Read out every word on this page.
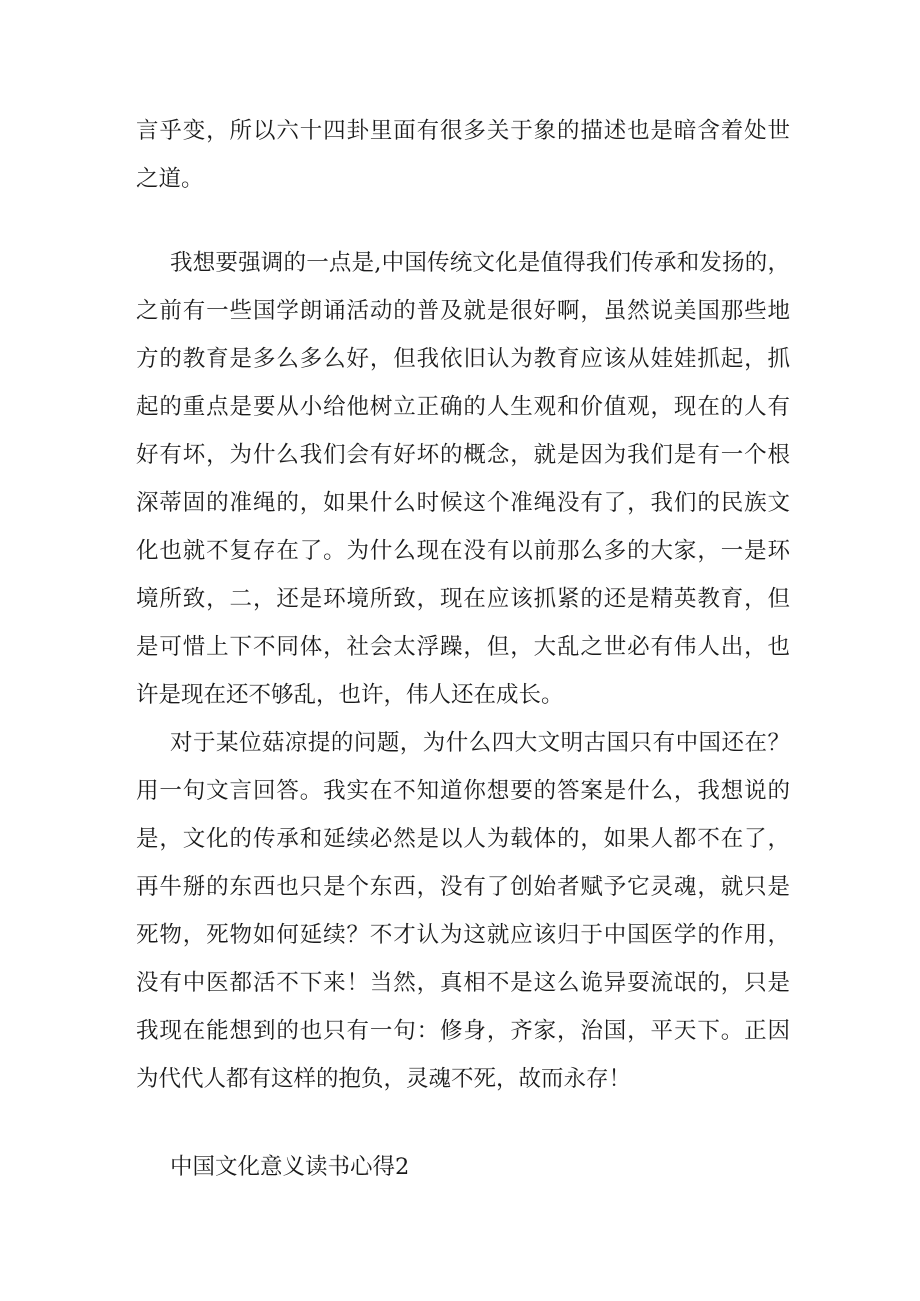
言乎变，所以六十四卦里面有很多关于象的描述也是暗含着处世
之道。
我想要强调的一点是,中国传统文化是值得我们传承和发扬的，
之前有一些国学朗诵活动的普及就是很好啊，虽然说美国那些地
方的教育是多么多么好，但我依旧认为教育应该从娃娃抓起，抓
起的重点是要从小给他树立正确的人生观和价值观，现在的人有
好有坏，为什么我们会有好坏的概念，就是因为我们是有一个根
深蒂固的准绳的，如果什么时候这个准绳没有了，我们的民族文
化也就不复存在了。为什么现在没有以前那么多的大家，一是环
境所致，二，还是环境所致，现在应该抓紧的还是精英教育，但
是可惜上下不同体，社会太浮躁，但，大乱之世必有伟人出，也
许是现在还不够乱，也许，伟人还在成长。
对于某位菇凉提的问题，为什么四大文明古国只有中国还在？
用一句文言回答。我实在不知道你想要的答案是什么，我想说的
是，文化的传承和延续必然是以人为载体的，如果人都不在了，
再牛掰的东西也只是个东西，没有了创始者赋予它灵魂，就只是
死物，死物如何延续？不才认为这就应该归于中国医学的作用，
没有中医都活不下来！当然，真相不是这么诡异耍流氓的，只是
我现在能想到的也只有一句：修身，齐家，治国，平天下。正因
为代代人都有这样的抱负，灵魂不死，故而永存！
中国文化意义读书心得2
